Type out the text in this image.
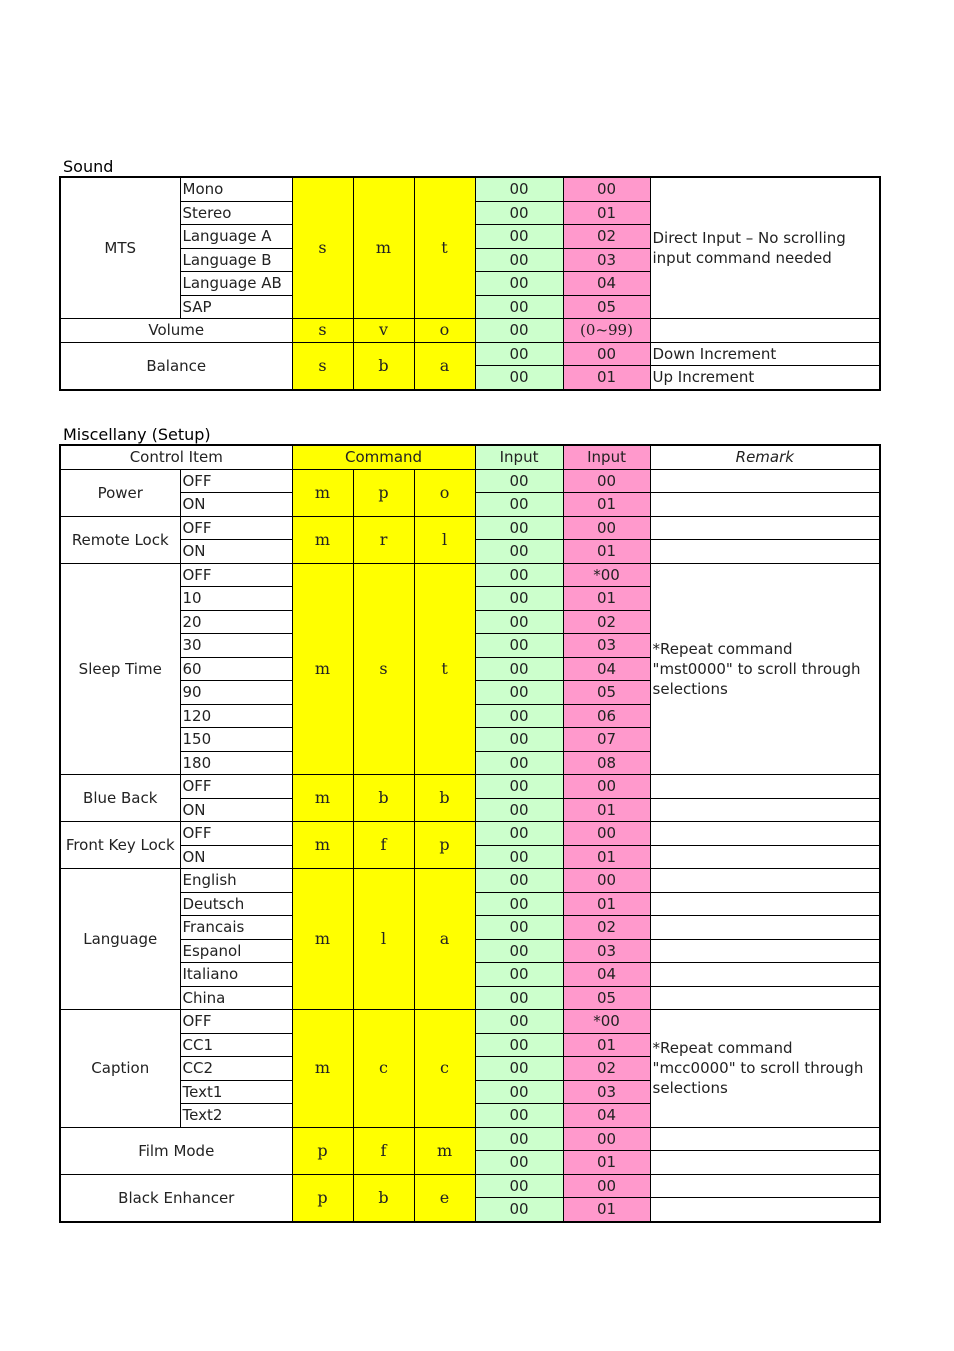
Sound
MTS	Mono	s	m	t	00	00	Direct Input – No scrolling input command needed
	Stereo				00	01	
	Language A				00	02	
	Language B				00	03	
	Language AB				00	04	
	SAP				00	05	
Volume		s	v	o	00	(0~99)	
Balance		s	b	a	00	00	Down Increment
					00	01	Up Increment
Miscellany (Setup)
Control Item		Command			Input	Input	Remark
Power	OFF	m	p	o	00	00	
	ON				00	01	
Remote Lock	OFF	m	r	l	00	00	
	ON				00	01	
Sleep Time	OFF	m	s	t	00	*00	*Repeat command "mst0000" to scroll through selections
	10				00	01	
	20				00	02	
	30				00	03	
	60				00	04	
	90				00	05	
	120				00	06	
	150				00	07	
	180				00	08	
Blue Back	OFF	m	b	b	00	00	
	ON				00	01	
Front Key Lock	OFF	m	f	p	00	00	
	ON				00	01	
Language	English	m	l	a	00	00	
	Deutsch				00	01	
	Francais				00	02	
	Espanol				00	03	
	Italiano				00	04	
	China				00	05	
Caption	OFF	m	c	c	00	*00	*Repeat command "mcc0000" to scroll through selections
	CC1				00	01	
	CC2				00	02	
	Text1				00	03	
	Text2				00	04	
Film Mode		p	f	m	00	00	
					00	01	
Black Enhancer		p	b	e	00	00	
					00	01	
